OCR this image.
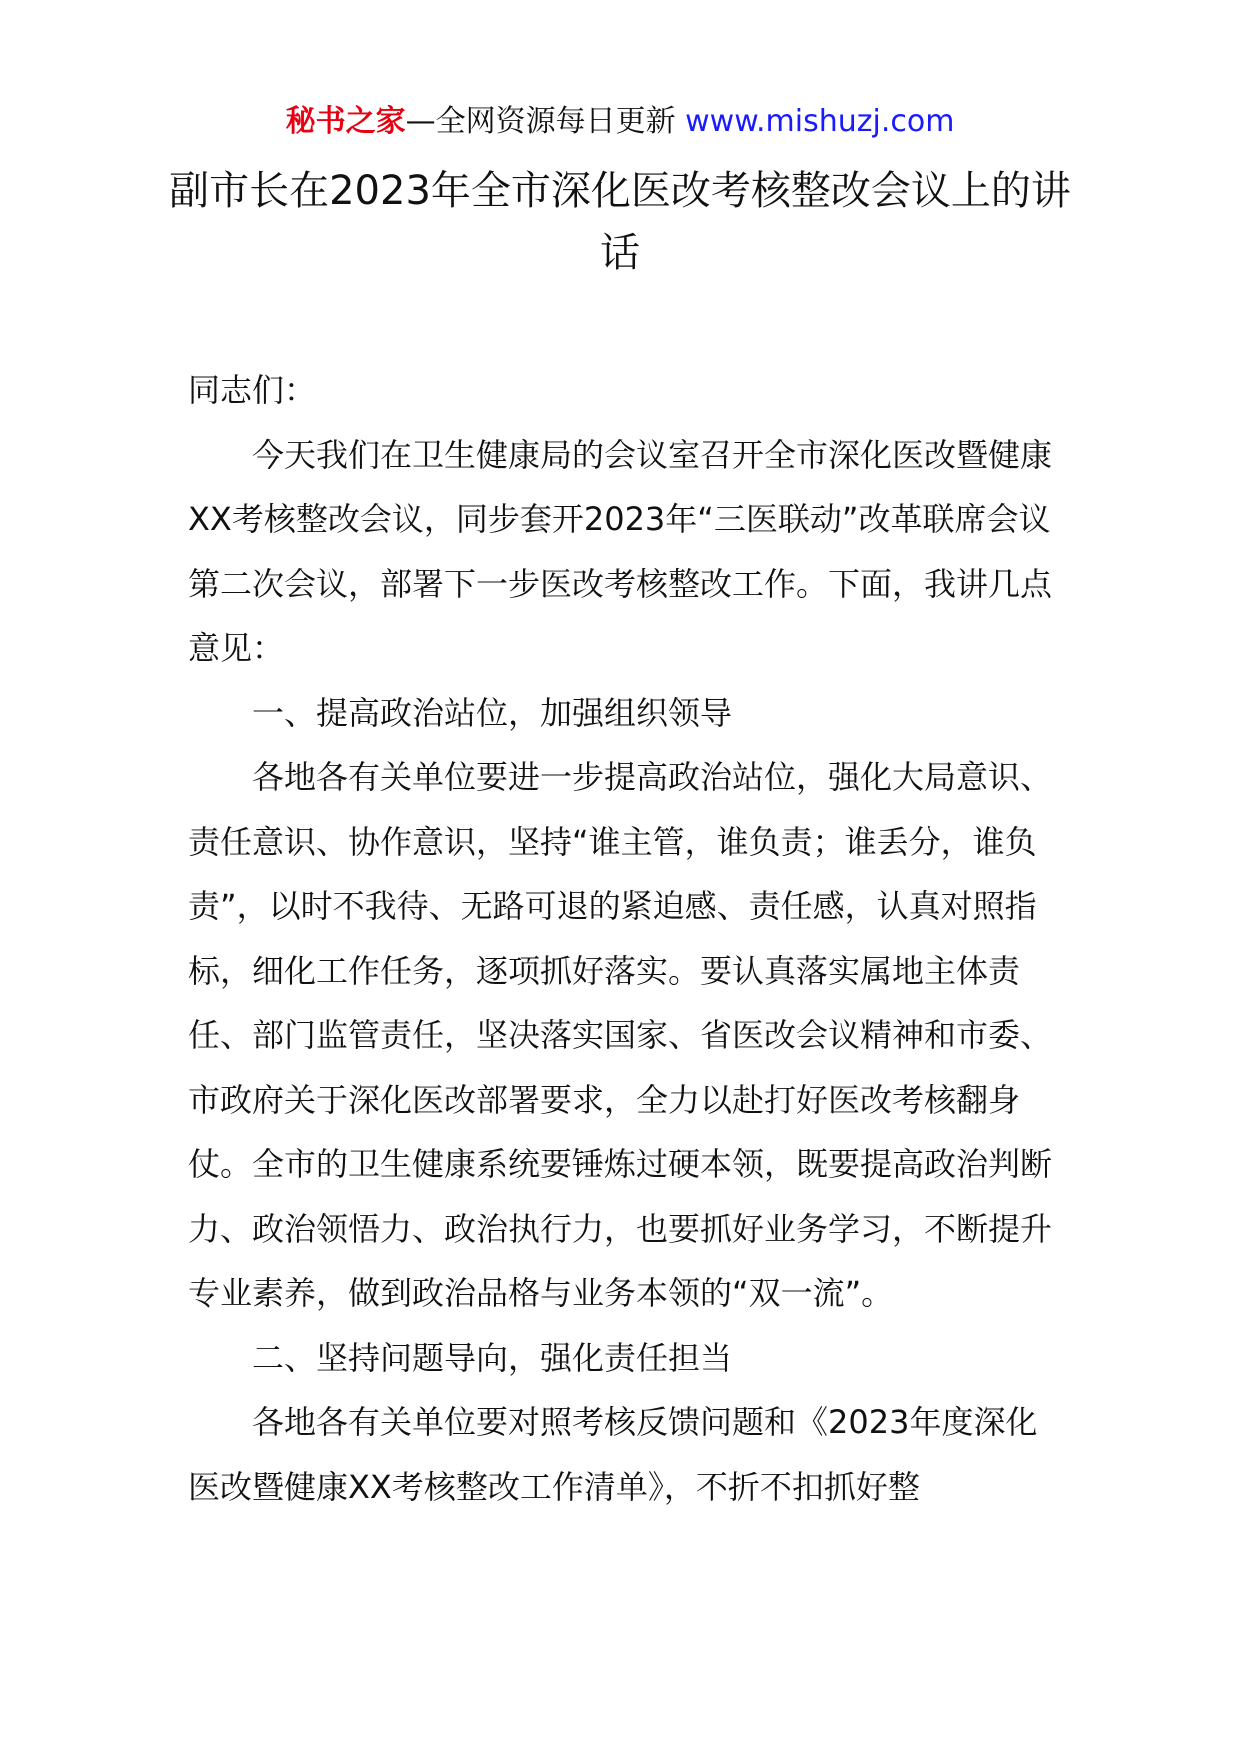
秘书之家—全网资源每日更新 www.mishuzj.com
副市长在2023年全市深化医改考核整改会议上的讲话

同志们：

今天我们在卫生健康局的会议室召开全市深化医改暨健康XX考核整改会议，同步套开2023年“三医联动”改革联席会议第二次会议，部署下一步医改考核整改工作。下面，我讲几点意见：

一、提高政治站位，加强组织领导

各地各有关单位要进一步提高政治站位，强化大局意识、责任意识、协作意识，坚持“谁主管，谁负责；谁丢分，谁负责”，以时不我待、无路可退的紧迫感、责任感，认真对照指标，细化工作任务，逐项抓好落实。要认真落实属地主体责任、部门监管责任，坚决落实国家、省医改会议精神和市委、市政府关于深化医改部署要求，全力以赴打好医改考核翻身仗。全市的卫生健康系统要锤炼过硬本领，既要提高政治判断力、政治领悟力、政治执行力，也要抓好业务学习，不断提升专业素养，做到政治品格与业务本领的“双一流”。

二、坚持问题导向，强化责任担当

各地各有关单位要对照考核反馈问题和《2023年度深化医改暨健康XX考核整改工作清单》，不折不扣抓好整
